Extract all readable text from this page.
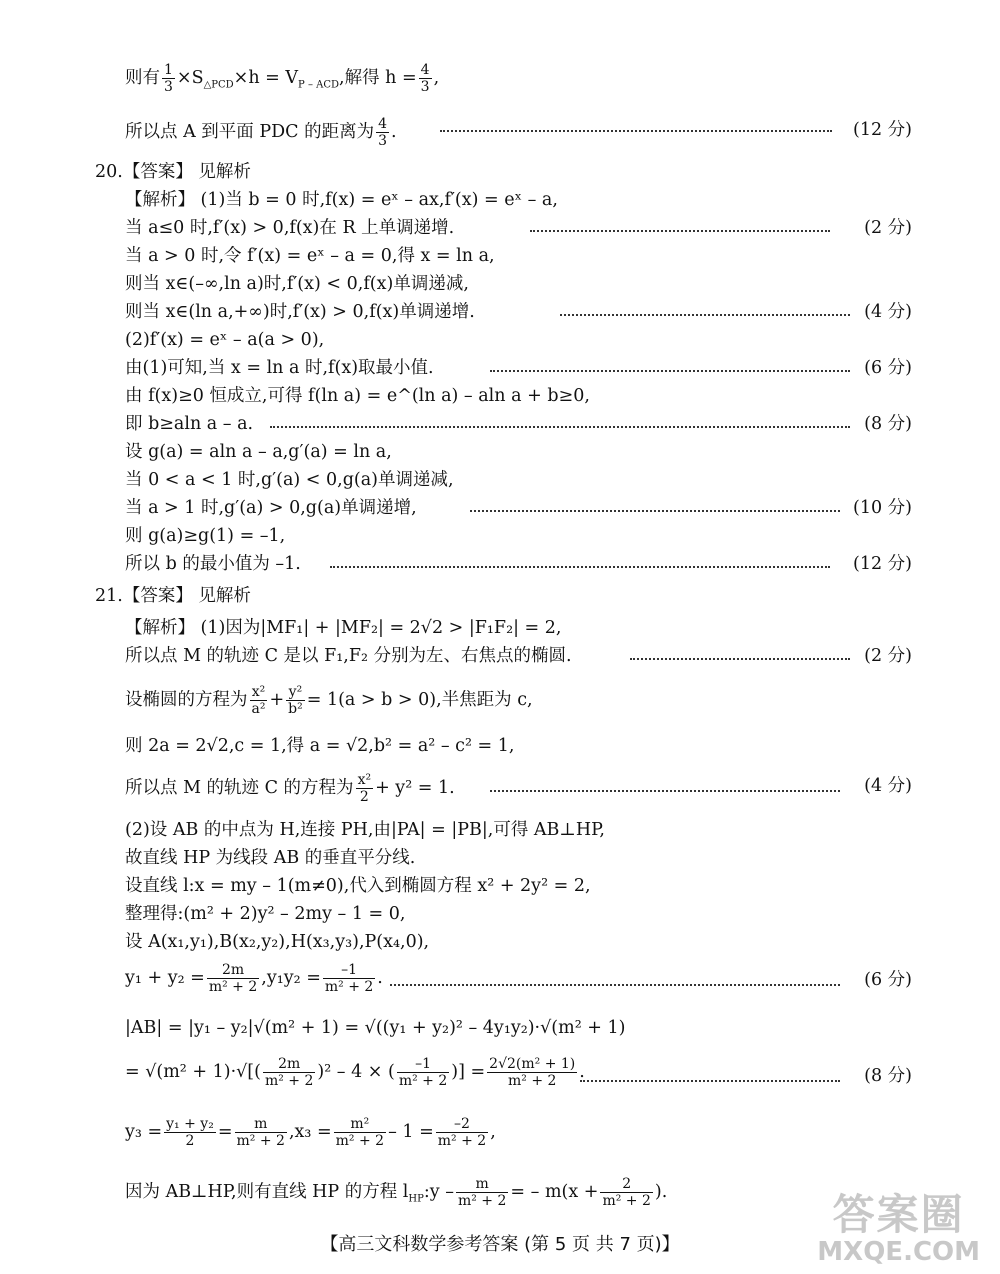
则有 $\frac{1}{3} \times S_{\triangle PCD}\times h = V_{P - ACD}$,解得 $h = \frac{4}{3}$ ,
所以点 A 到平面 PDC 的距离为 $\frac{4}{3}$ .	(12 分)
20.【答案】 见解析
【解析】 (1)当 b = 0 时,f(x) = eˣ – ax,f′(x) = eˣ – a,
当 a≤0 时,f′(x) > 0,f(x)在 R 上单调递增.	(2 分)
当 a > 0 时,令 f′(x) = eˣ – a = 0,得 x = ln a,
则当 x∈(–∞,ln a)时,f′(x) < 0,f(x)单调递减,
则当 x∈(ln a,+∞)时,f′(x) > 0,f(x)单调递增.	(4 分)
(2)f′(x) = eˣ – a(a > 0),
由(1)可知,当 x = ln a 时,f(x)取最小值.	(6 分)
由 f(x)≥0 恒成立,可得 f(ln a) = e^(ln a) – aln a + b≥0,
即 b≥aln a – a.	(8 分)
设 g(a) = aln a – a,g′(a) = ln a,
当 0 < a < 1 时,g′(a) < 0,g(a)单调递减,
当 a > 1 时,g′(a) > 0,g(a)单调递增,	(10 分)
则 g(a)≥g(1) = –1,
所以 b 的最小值为 –1.	(12 分)
21.【答案】 见解析
【解析】 (1)因为|MF₁| + |MF₂| = 2√2 > |F₁F₂| = 2,
所以点 M 的轨迹 C 是以 F₁,F₂ 分别为左、右焦点的椭圆.	(2 分)
设椭圆的方程为 $\frac{\text{x²}}{\text{a²}} + \frac{\text{y²}}{\text{b²}} = 1(a > b > 0)$,半焦距为 c,
则 2a = 2√2,c = 1,得 a = √2,b² = a² – c² = 1,
所以点 M 的轨迹 C 的方程为 $\frac{\text{x²}}{2} + y^2 = 1$.	(4 分)
(2)设 AB 的中点为 H,连接 PH,由|PA| = |PB|,可得 AB⊥HP,
故直线 HP 为线段 AB 的垂直平分线.
设直线 l:x = my – 1(m≠0),代入到椭圆方程 x² + 2y² = 2,
整理得:(m² + 2)y² – 2my – 1 = 0,
设 A(x₁,y₁),B(x₂,y₂),H(x₃,y₃),P(x₄,0),
$y_1 + y_2 = \frac{2m}{\text{m² + 2}} ,y_1y_2 = \frac{-1}{\text{m² + 2}}$ .	(6 分)
|AB| = |y₁ – y₂|√(m² + 1) = √((y₁ + y₂)² – 4y₁y₂)·√(m² + 1)
= $√(m^2 + 1)\cdot√[( \frac{2m}{\text{m² + 2}} )^2 - 4$ × ( $\frac{-1}{\text{m² + 2}}$ )] = $\frac{\text{2√2(m² + 1)}}{\text{m² + 2}}$ .	(8 分)
$y_3 = \frac{\text{y₁ + y₂}}{2} = \frac{m}{\text{m² + 2}} ,x_3 = \frac{\text{m²}}{\text{m² + 2}} - 1 = \frac{-2}{\text{m² + 2}}$ ,
因为 AB⊥HP,则有直线 HP 的方程 $l_{HP}:y - \frac{m}{\text{m² + 2}}$ = – $m(x + \frac{2}{\text{m² + 2}}$ ).
【高三文科数学参考答案 (第 5 页 共 7 页)】
答案圈
MXQE.COM
